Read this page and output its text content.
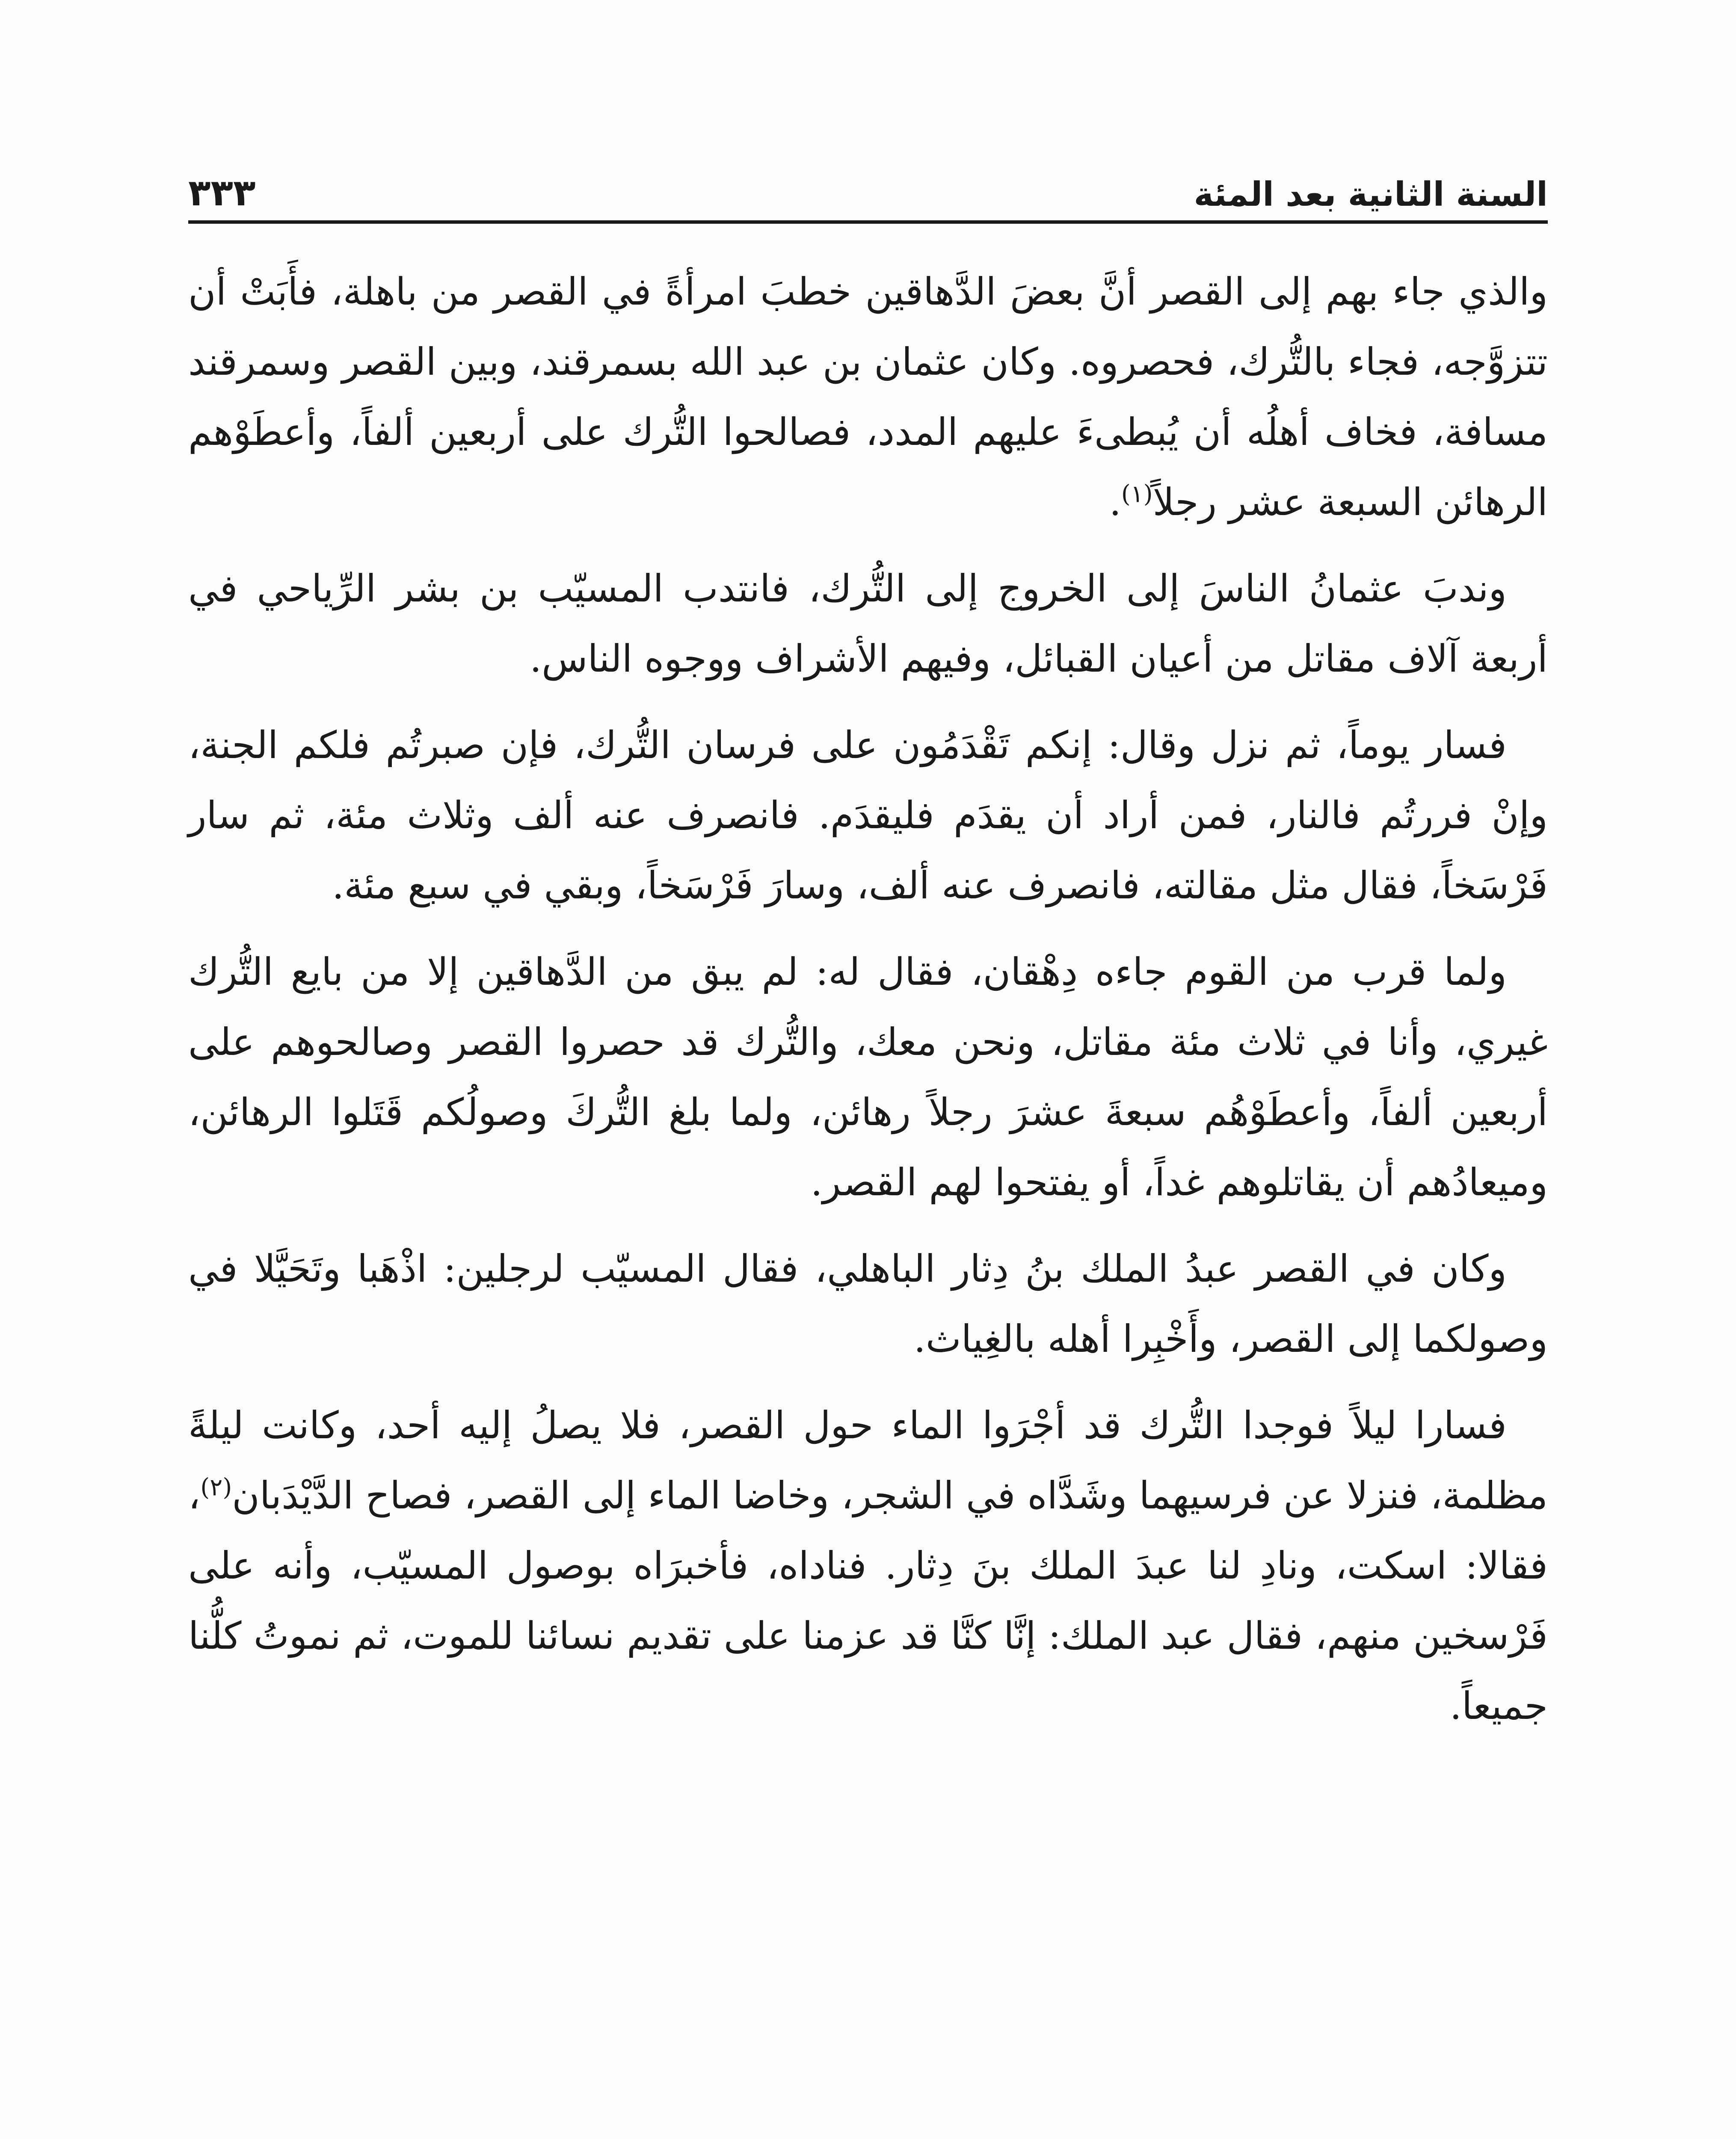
السنة الثانية بعد المئة
٣٣٣

والذي جاء بهم إلى القصر أنَّ بعضَ الدَّهاقين خطبَ امرأةً في القصر من باهلة، فأَبَتْ أن تتزوَّجه، فجاء بالتُّرك، فحصروه. وكان عثمان بن عبد الله بسمرقند، وبين القصر وسمرقند مسافة، فخاف أهلُه أن يُبطىءَ عليهم المدد، فصالحوا التُّرك على أربعين ألفاً، وأعطَوْهم الرهائن السبعة عشر رجلاً$^{(١)}$.

وندبَ عثمانُ الناسَ إلى الخروج إلى التُّرك، فانتدب المسيّب بن بشر الرِّياحي في أربعة آلاف مقاتل من أعيان القبائل، وفيهم الأشراف ووجوه الناس.

فسار يوماً، ثم نزل وقال: إنكم تَقْدَمُون على فرسان التُّرك، فإن صبرتُم فلكم الجنة، وإنْ فررتُم فالنار، فمن أراد أن يقدَم فليقدَم. فانصرف عنه ألف وثلاث مئة، ثم سار فَرْسَخاً، فقال مثل مقالته، فانصرف عنه ألف، وسارَ فَرْسَخاً، وبقي في سبع مئة.

ولما قرب من القوم جاءه دِهْقان، فقال له: لم يبق من الدَّهاقين إلا من بايع التُّرك غيري، وأنا في ثلاث مئة مقاتل، ونحن معك، والتُّرك قد حصروا القصر وصالحوهم على أربعين ألفاً، وأعطَوْهُم سبعةَ عشرَ رجلاً رهائن، ولما بلغ التُّركَ وصولُكم قَتَلوا الرهائن، وميعادُهم أن يقاتلوهم غداً، أو يفتحوا لهم القصر.

وكان في القصر عبدُ الملك بنُ دِثار الباهلي، فقال المسيّب لرجلين: اذْهَبا وتَحَيَّلا في وصولكما إلى القصر، وأَخْبِرا أهله بالغِياث.

فسارا ليلاً فوجدا التُّرك قد أجْرَوا الماء حول القصر، فلا يصلُ إليه أحد، وكانت ليلةً مظلمة، فنزلا عن فرسيهما وشَدَّاه في الشجر، وخاضا الماء إلى القصر، فصاح الدَّيْدَبان$^{(٢)}$، فقالا: اسكت، ونادِ لنا عبدَ الملك بنَ دِثار. فناداه، فأخبرَاه بوصول المسيّب، وأنه على فَرْسخين منهم، فقال عبد الملك: إنَّا كنَّا قد عزمنا على تقديم نسائنا للموت، ثم نموتُ كلُّنا جميعاً.
